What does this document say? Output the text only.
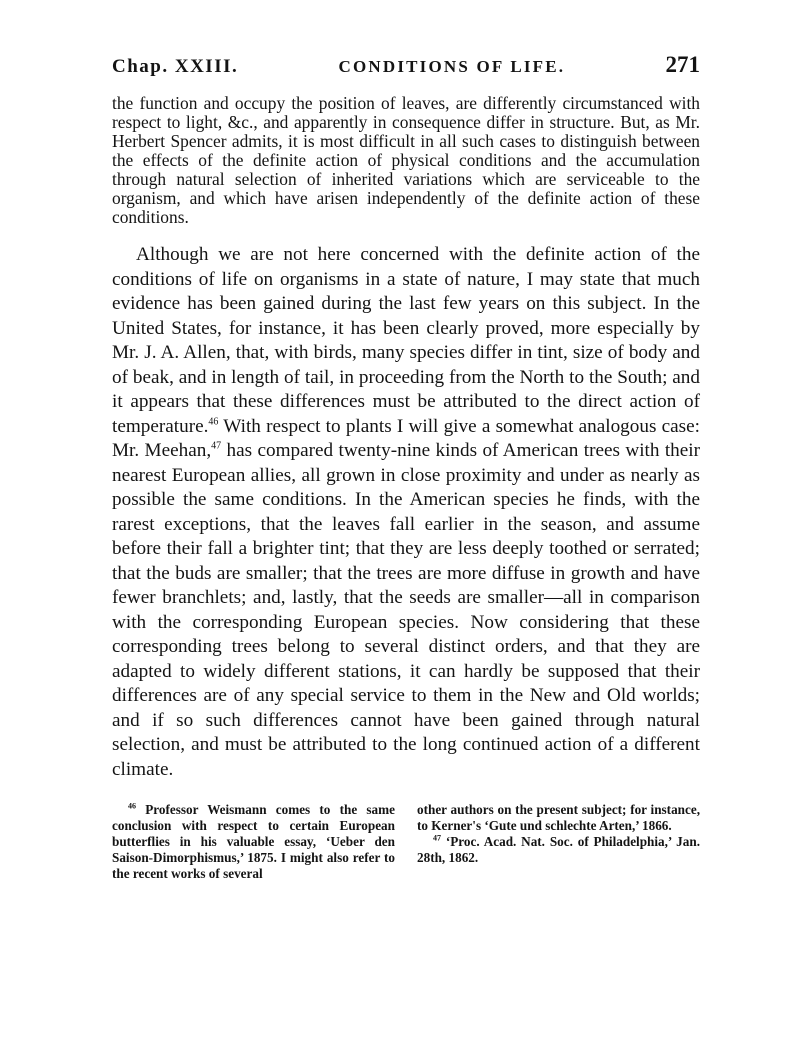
Chap. XXIII.	CONDITIONS OF LIFE.	271

the function and occupy the position of leaves, are differently circumstanced with respect to light, &c., and apparently in consequence differ in structure. But, as Mr. Herbert Spencer admits, it is most difficult in all such cases to distinguish between the effects of the definite action of physical conditions and the accumulation through natural selection of inherited variations which are serviceable to the organism, and which have arisen independently of the definite action of these conditions.

Although we are not here concerned with the definite action of the conditions of life on organisms in a state of nature, I may state that much evidence has been gained during the last few years on this subject. In the United States, for instance, it has been clearly proved, more especially by Mr. J. A. Allen, that, with birds, many species differ in tint, size of body and of beak, and in length of tail, in proceeding from the North to the South; and it appears that these differences must be attributed to the direct action of temperature.$^{46}$ With respect to plants I will give a somewhat analogous case: Mr. Meehan,$^{47}$ has compared twenty-nine kinds of American trees with their nearest European allies, all grown in close proximity and under as nearly as possible the same conditions. In the American species he finds, with the rarest exceptions, that the leaves fall earlier in the season, and assume before their fall a brighter tint; that they are less deeply toothed or serrated; that the buds are smaller; that the trees are more diffuse in growth and have fewer branchlets; and, lastly, that the seeds are smaller—all in comparison with the corresponding European species. Now considering that these corresponding trees belong to several distinct orders, and that they are adapted to widely different stations, it can hardly be supposed that their differences are of any special service to them in the New and Old worlds; and if so such differences cannot have been gained through natural selection, and must be attributed to the long continued action of a different climate.

$^{46}$ Professor Weismann comes to the same conclusion with respect to certain European butterflies in his valuable essay, ‘Ueber den Saison-Dimorphismus,’ 1875. I might also refer to the recent works of several

other authors on the present subject; for instance, to Kerner's ‘Gute und schlechte Arten,’ 1866.

$^{47}$ ‘Proc. Acad. Nat. Soc. of Philadelphia,’ Jan. 28th, 1862.
